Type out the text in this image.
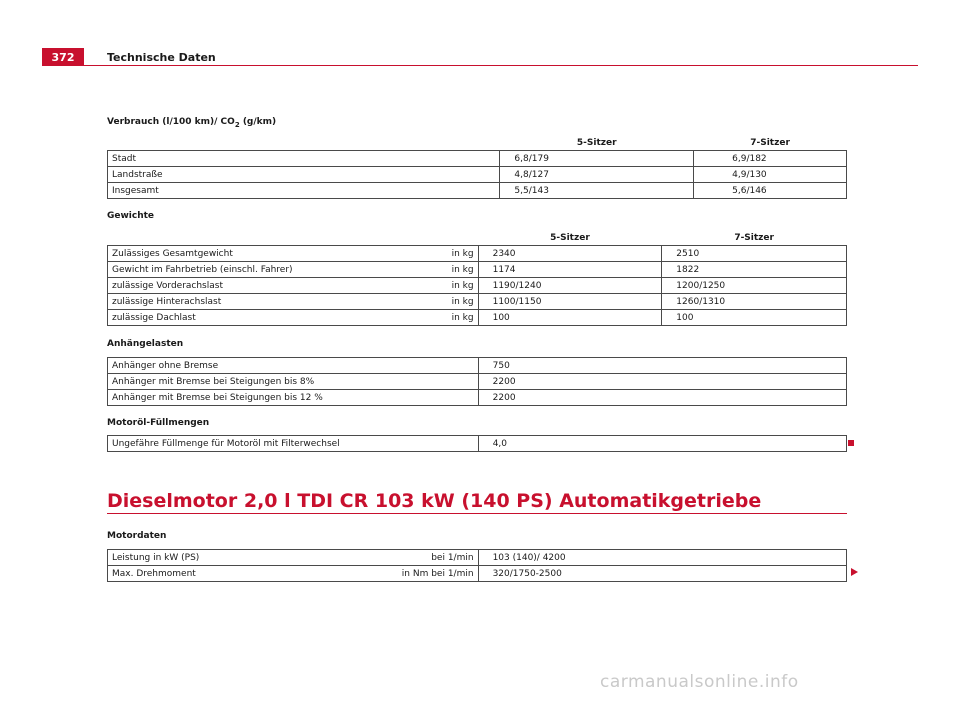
372	Technische Daten
Verbrauch (l/100 km)/ $CO_2$ (g/km)
	5-Sitzer	7-Sitzer
Stadt	6,8/179	6,9/182
Landstraße	4,8/127	4,9/130
Insgesamt	5,5/143	5,6/146
Gewichte
	5-Sitzer	7-Sitzer

Zulässiges Gesamtgewicht in kg	2340	2510

Gewicht im Fahrbetrieb (einschl. Fahrer) in kg	1174	1822

zulässige Vorderachslast in kg	1190/1240	1200/1250

zulässige Hinterachslast in kg	1100/1150	1260/1310

zulässige Dachlast in kg	100	100
Anhängelasten
Anhänger ohne Bremse	750
Anhänger mit Bremse bei Steigungen bis 8%	2200
Anhänger mit Bremse bei Steigungen bis 12 %	2200
Motoröl-Füllmengen
Ungefähre Füllmenge für Motoröl mit Filterwechsel	4,0
Dieselmotor 2,0 l TDI CR 103 kW (140 PS) Automatikgetriebe
Motordaten
Leistung in kW (PS) bei 1/min	103 (140)/ 4200

Max. Drehmoment in Nm bei 1/min	320/1750-2500
carmanualsonline.info
